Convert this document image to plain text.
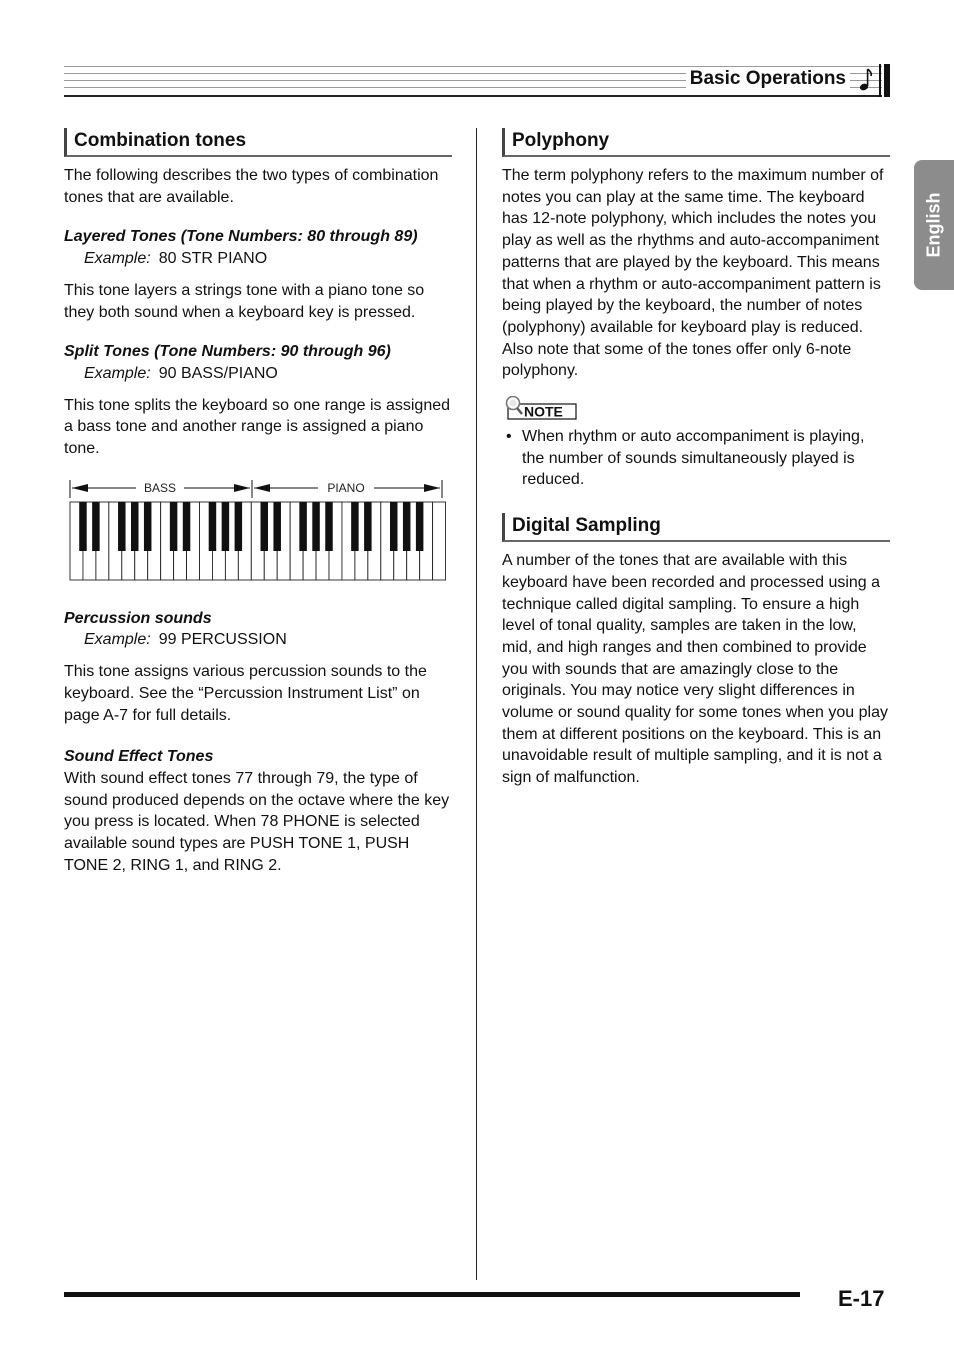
Basic Operations
English
Combination tones

The following describes the two types of combination tones that are available.

Layered Tones (Tone Numbers: 80 through 89)
Example: 80 STR PIANO

This tone layers a strings tone with a piano tone so they both sound when a keyboard key is pressed.

Split Tones (Tone Numbers: 90 through 96)
Example: 90 BASS/PIANO

This tone splits the keyboard so one range is assigned a bass tone and another range is assigned a piano tone.

BASS	PIANO
Percussion sounds
Example: 99 PERCUSSION

This tone assigns various percussion sounds to the keyboard. See the “Percussion Instrument List” on page A-7 for full details.

Sound Effect Tones

With sound effect tones 77 through 79, the type of sound produced depends on the octave where the key you press is located. When 78 PHONE is selected available sound types are PUSH TONE 1, PUSH TONE 2, RING 1, and RING 2.

Polyphony

The term polyphony refers to the maximum number of notes you can play at the same time. The keyboard has 12-note polyphony, which includes the notes you play as well as the rhythms and auto-accompaniment patterns that are played by the keyboard. This means that when a rhythm or auto-accompaniment pattern is being played by the keyboard, the number of notes (polyphony) available for keyboard play is reduced. Also note that some of the tones offer only 6-note polyphony.

NOTE
• When rhythm or auto accompaniment is playing, the number of sounds simultaneously played is reduced.
Digital Sampling

A number of the tones that are available with this keyboard have been recorded and processed using a technique called digital sampling. To ensure a high level of tonal quality, samples are taken in the low, mid, and high ranges and then combined to provide you with sounds that are amazingly close to the originals. You may notice very slight differences in volume or sound quality for some tones when you play them at different positions on the keyboard. This is an unavoidable result of multiple sampling, and it is not a sign of malfunction.

E-17
